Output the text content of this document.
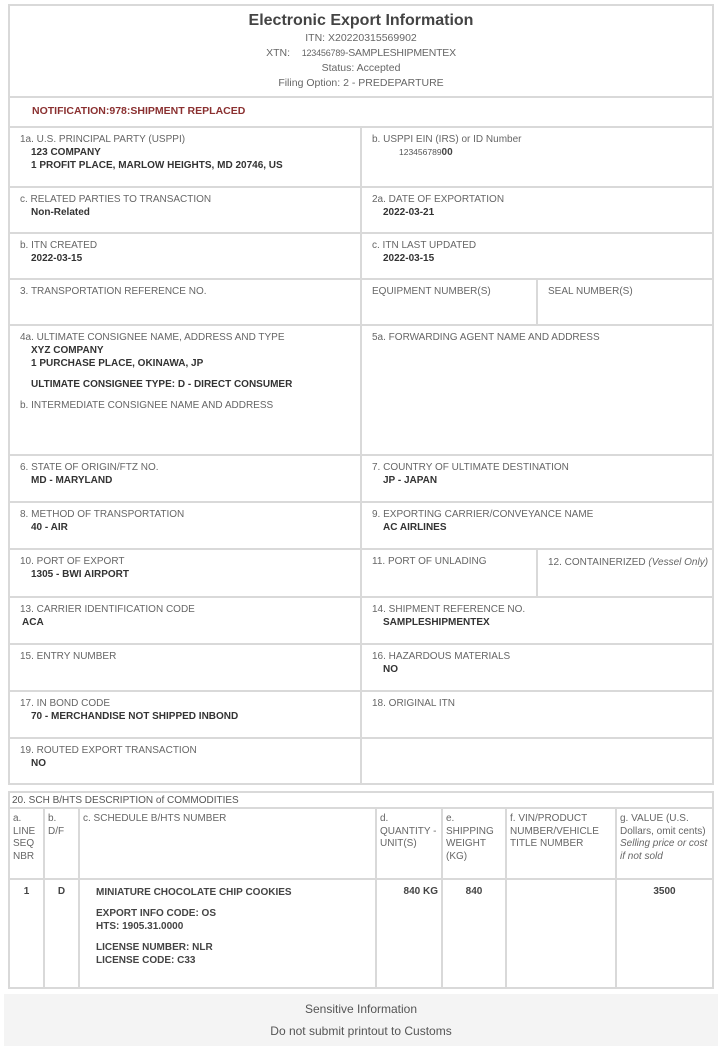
Electronic Export Information
ITN: X20220315569902
XTN: 123456789-SAMPLESHIPMENTEX
Status: Accepted
Filing Option: 2 - PREDEPARTURE
NOTIFICATION:978:SHIPMENT REPLACED
1a. U.S. PRINCIPAL PARTY (USPPI)
123 COMPANY
1 PROFIT PLACE, MARLOW HEIGHTS, MD 20746, US
b. USPPI EIN (IRS) or ID Number
12345678900
c. RELATED PARTIES TO TRANSACTION
Non-Related
2a. DATE OF EXPORTATION
2022-03-21
b. ITN CREATED
2022-03-15
c. ITN LAST UPDATED
2022-03-15
3. TRANSPORTATION REFERENCE NO.	EQUIPMENT NUMBER(S)	SEAL NUMBER(S)
4a. ULTIMATE CONSIGNEE NAME, ADDRESS AND TYPE
XYZ COMPANY
1 PURCHASE PLACE, OKINAWA, JP
ULTIMATE CONSIGNEE TYPE: D - DIRECT CONSUMER
b. INTERMEDIATE CONSIGNEE NAME AND ADDRESS
5a. FORWARDING AGENT NAME AND ADDRESS
6. STATE OF ORIGIN/FTZ NO.
MD - MARYLAND
7. COUNTRY OF ULTIMATE DESTINATION
JP - JAPAN
8. METHOD OF TRANSPORTATION
40 - AIR
9. EXPORTING CARRIER/CONVEYANCE NAME
AC AIRLINES
10. PORT OF EXPORT
1305 - BWI AIRPORT
11. PORT OF UNLADING	12. CONTAINERIZED (Vessel Only)
13. CARRIER IDENTIFICATION CODE
ACA
14. SHIPMENT REFERENCE NO.
SAMPLESHIPMENTEX
15. ENTRY NUMBER	16. HAZARDOUS MATERIALS
NO
17. IN BOND CODE
70 - MERCHANDISE NOT SHIPPED INBOND
18. ORIGINAL ITN
19. ROUTED EXPORT TRANSACTION
NO
20. SCH B/HTS DESCRIPTION of COMMODITIES
a. LINE SEQ NBR	b. D/F	c. SCHEDULE B/HTS NUMBER	d. QUANTITY - UNIT(S)	e. SHIPPING WEIGHT (KG)	f. VIN/PRODUCT NUMBER/VEHICLE TITLE NUMBER	g. VALUE (U.S. Dollars, omit cents) Selling price or cost if not sold
1	D	MINIATURE CHOCOLATE CHIP COOKIES
EXPORT INFO CODE: OS
HTS: 1905.31.0000
LICENSE NUMBER: NLR
LICENSE CODE: C33	840 KG	840		3500
Sensitive Information
Do not submit printout to Customs
